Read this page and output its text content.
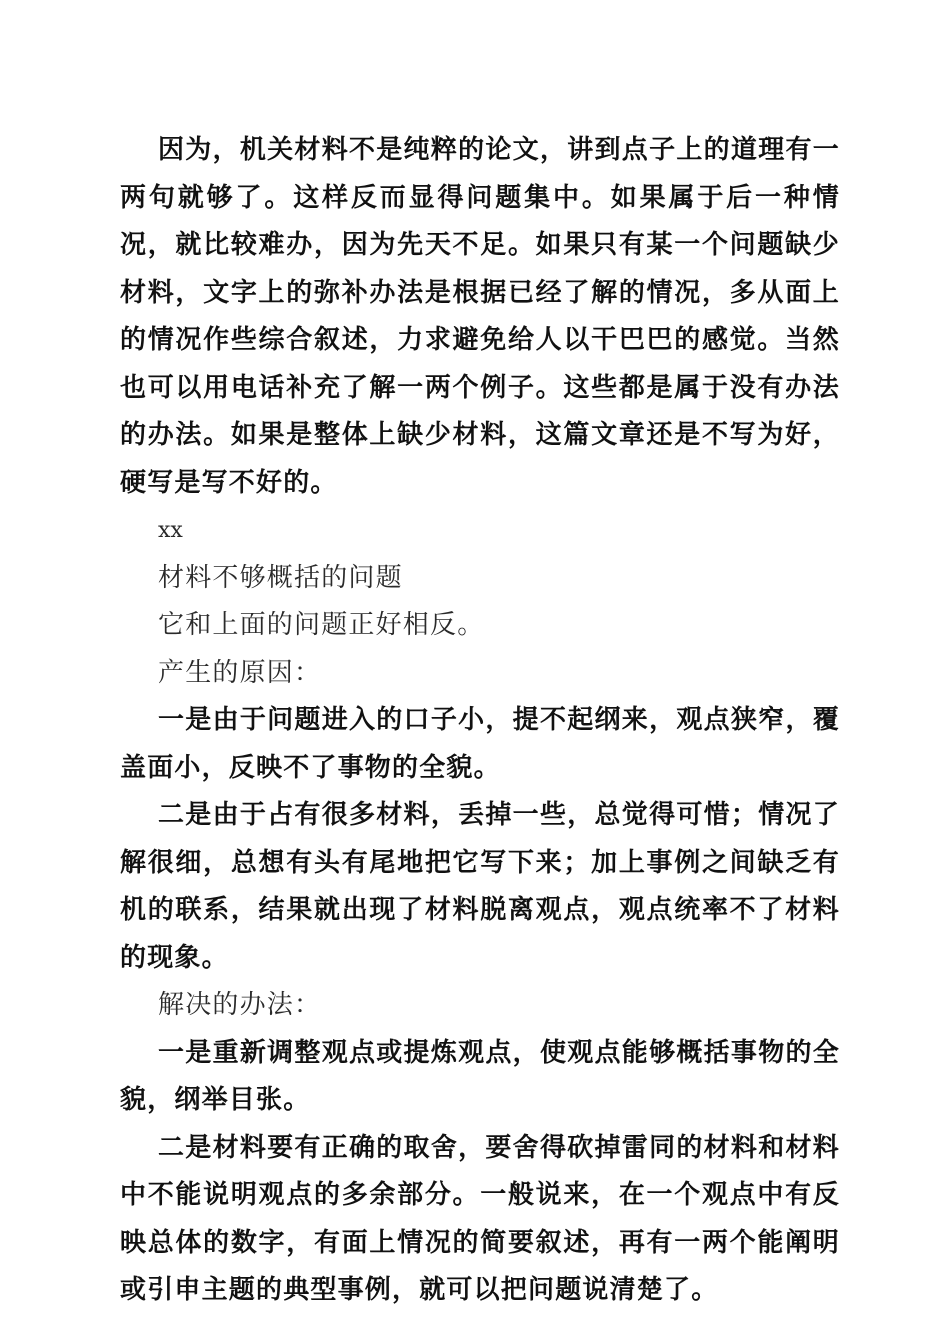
因为，机关材料不是纯粹的论文，讲到点子上的道理有一两句就够了。这样反而显得问题集中。如果属于后一种情况，就比较难办，因为先天不足。如果只有某一个问题缺少材料，文字上的弥补办法是根据已经了解的情况，多从面上的情况作些综合叙述，力求避免给人以干巴巴的感觉。当然也可以用电话补充了解一两个例子。这些都是属于没有办法的办法。如果是整体上缺少材料，这篇文章还是不写为好，硬写是写不好的。

xx

材料不够概括的问题

它和上面的问题正好相反。

产生的原因：

一是由于问题进入的口子小，提不起纲来，观点狭窄，覆盖面小，反映不了事物的全貌。

二是由于占有很多材料，丢掉一些，总觉得可惜；情况了解很细，总想有头有尾地把它写下来；加上事例之间缺乏有机的联系，结果就出现了材料脱离观点，观点统率不了材料的现象。

解决的办法：

一是重新调整观点或提炼观点，使观点能够概括事物的全貌，纲举目张。

二是材料要有正确的取舍，要舍得砍掉雷同的材料和材料中不能说明观点的多余部分。一般说来，在一个观点中有反映总体的数字，有面上情况的简要叙述，再有一两个能阐明或引申主题的典型事例，就可以把问题说清楚了。
